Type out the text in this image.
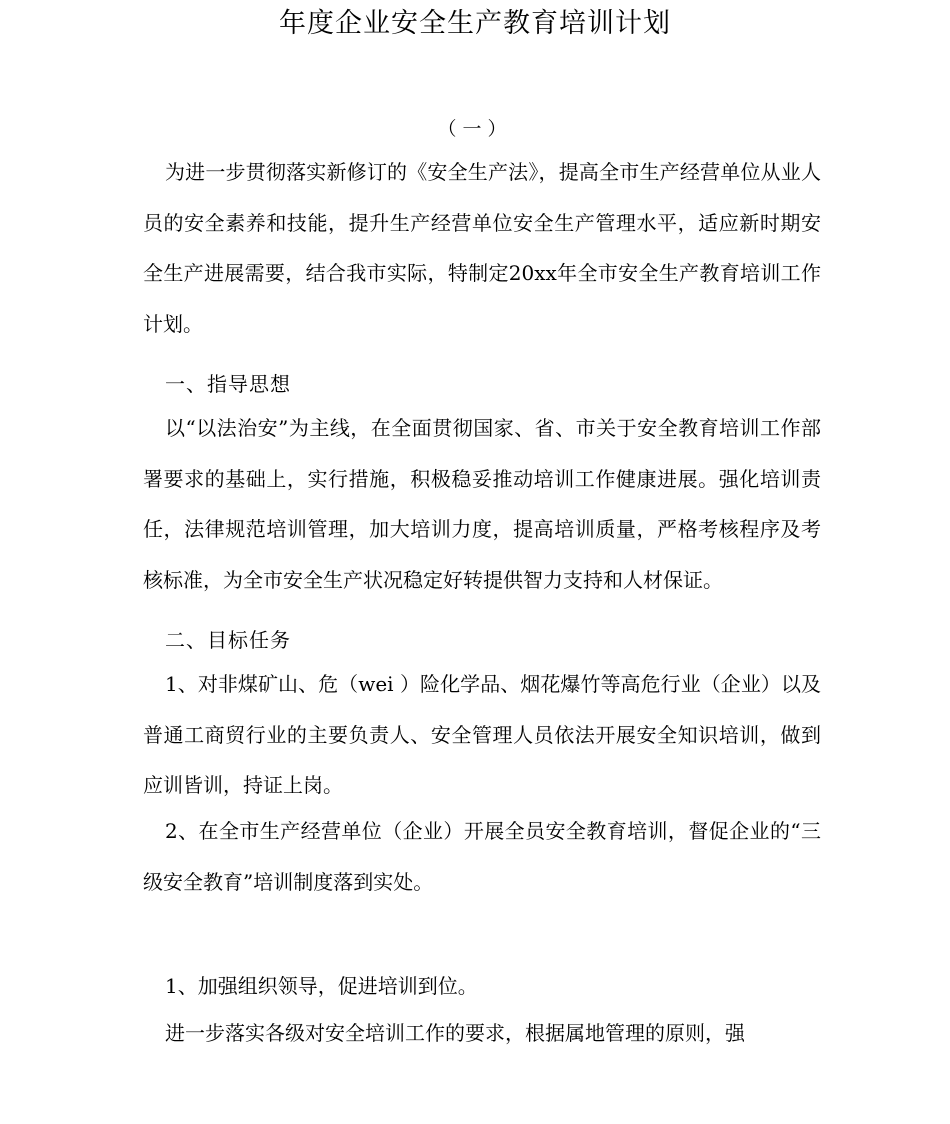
年度企业安全生产教育培训计划
（一）

为进一步贯彻落实新修订的《安全生产法》，提高全市生产经营单位从业人员的安全素养和技能，提升生产经营单位安全生产管理水平，适应新时期安全生产进展需要，结合我市实际，特制定20xx年全市安全生产教育培训工作计划。

一、指导思想

以“以法治安”为主线，在全面贯彻国家、省、市关于安全教育培训工作部署要求的基础上，实行措施，积极稳妥推动培训工作健康进展。强化培训责任，法律规范培训管理，加大培训力度，提高培训质量，严格考核程序及考核标准，为全市安全生产状况稳定好转提供智力支持和人材保证。

二、目标任务

1、对非煤矿山、危（wei ）险化学品、烟花爆竹等高危行业（企业）以及 普通工商贸行业的主要负责人、安全管理人员依法开展安全知识培训，做到应训皆训，持证上岗。

2、在全市生产经营单位（企业）开展全员安全教育培训，督促企业的“三级安全教育”培训制度落到实处。

1、加强组织领导，促进培训到位。

进一步落实各级对安全培训工作的要求，根据属地管理的原则，强
